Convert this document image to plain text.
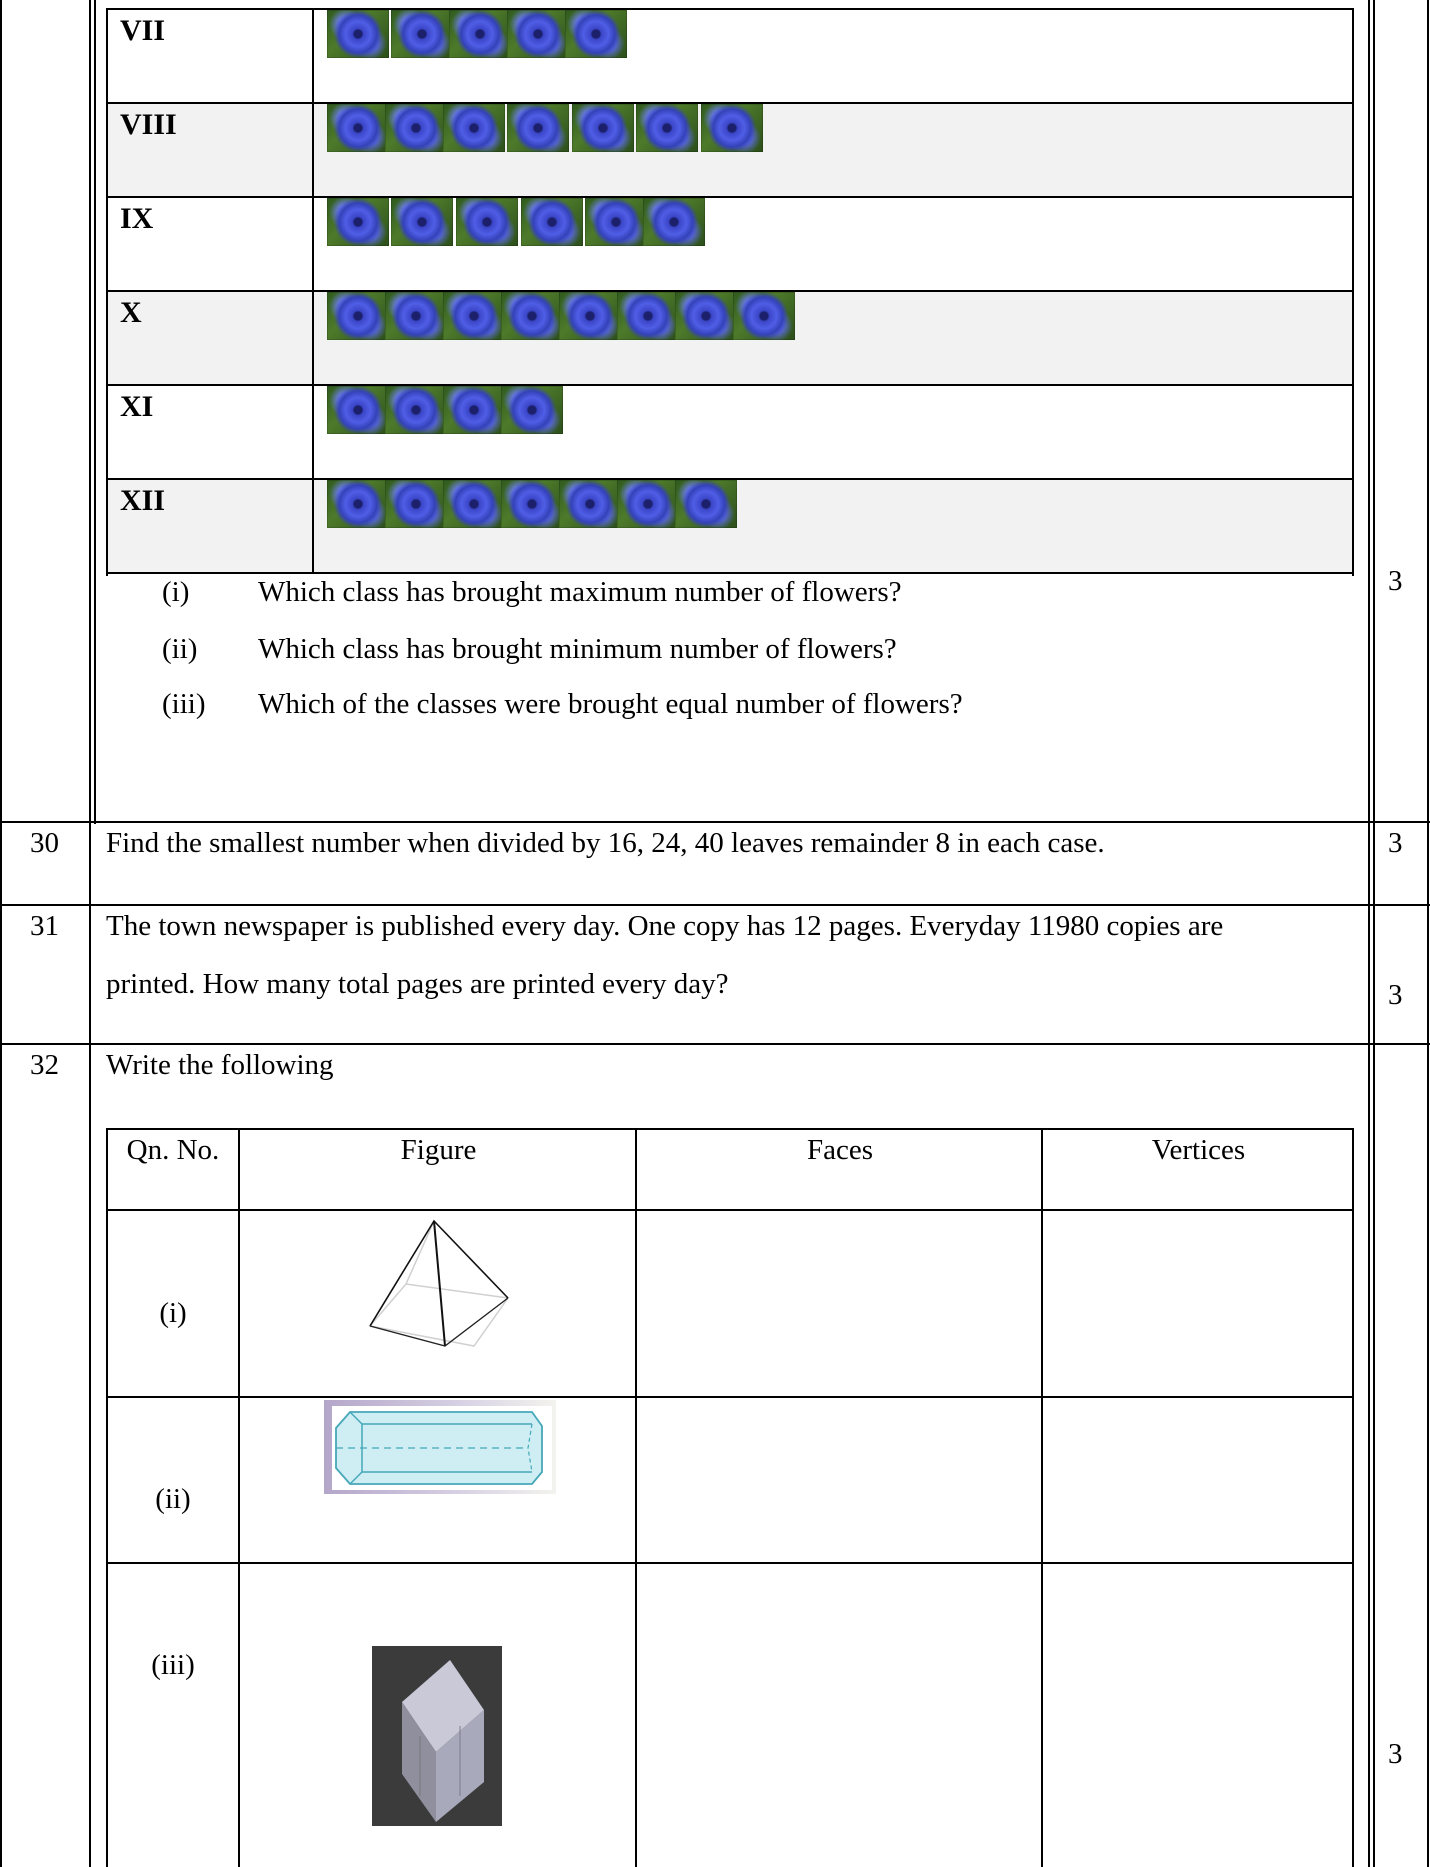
VII
VIII
IX
X
XI
XII
(i) Which class has brought maximum number of flowers?
(ii) Which class has brought minimum number of flowers?
(iii) Which of the classes were brought equal number of flowers?
3
30 Find the smallest number when divided by 16, 24, 40 leaves remainder 8 in each case.	3
31 The town newspaper is published every day. One copy has 12 pages. Everyday 11980 copies are
printed. How many total pages are printed every day?	3
32 Write the following
3
Qn. No.	Figure	Faces	Vertices
(i)
(ii)
(iii)
